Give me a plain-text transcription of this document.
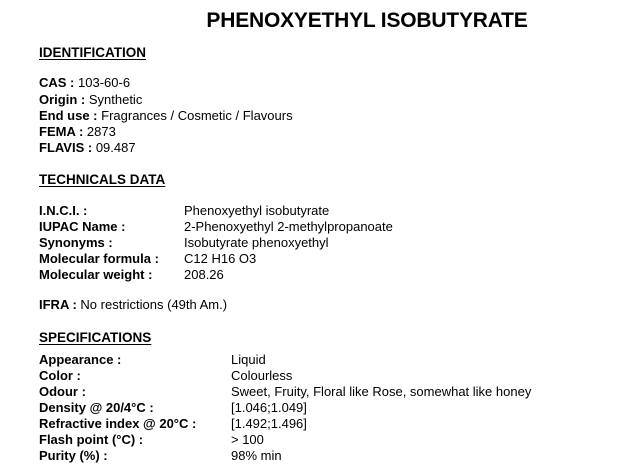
PHENOXYETHYL ISOBUTYRATE
IDENTIFICATION
CAS : 103-60-6
Origin : Synthetic
End use : Fragrances / Cosmetic / Flavours
FEMA : 2873
FLAVIS : 09.487
TECHNICALS DATA
I.N.C.I. :	Phenoxyethyl isobutyrate
IUPAC Name :	2-Phenoxyethyl 2-methylpropanoate
Synonyms :	Isobutyrate phenoxyethyl
Molecular formula : C12 H16 O3
Molecular weight : 208.26
IFRA : No restrictions (49th Am.)
SPECIFICATIONS
Appearance :	Liquid
Color :	Colourless
Odour :	Sweet, Fruity, Floral like Rose, somewhat like honey
Density @ 20/4°C :	[1.046;1.049]
Refractive index @ 20°C :	[1.492;1.496]
Flash point (°C) :	> 100
Purity (%) :	98% min
